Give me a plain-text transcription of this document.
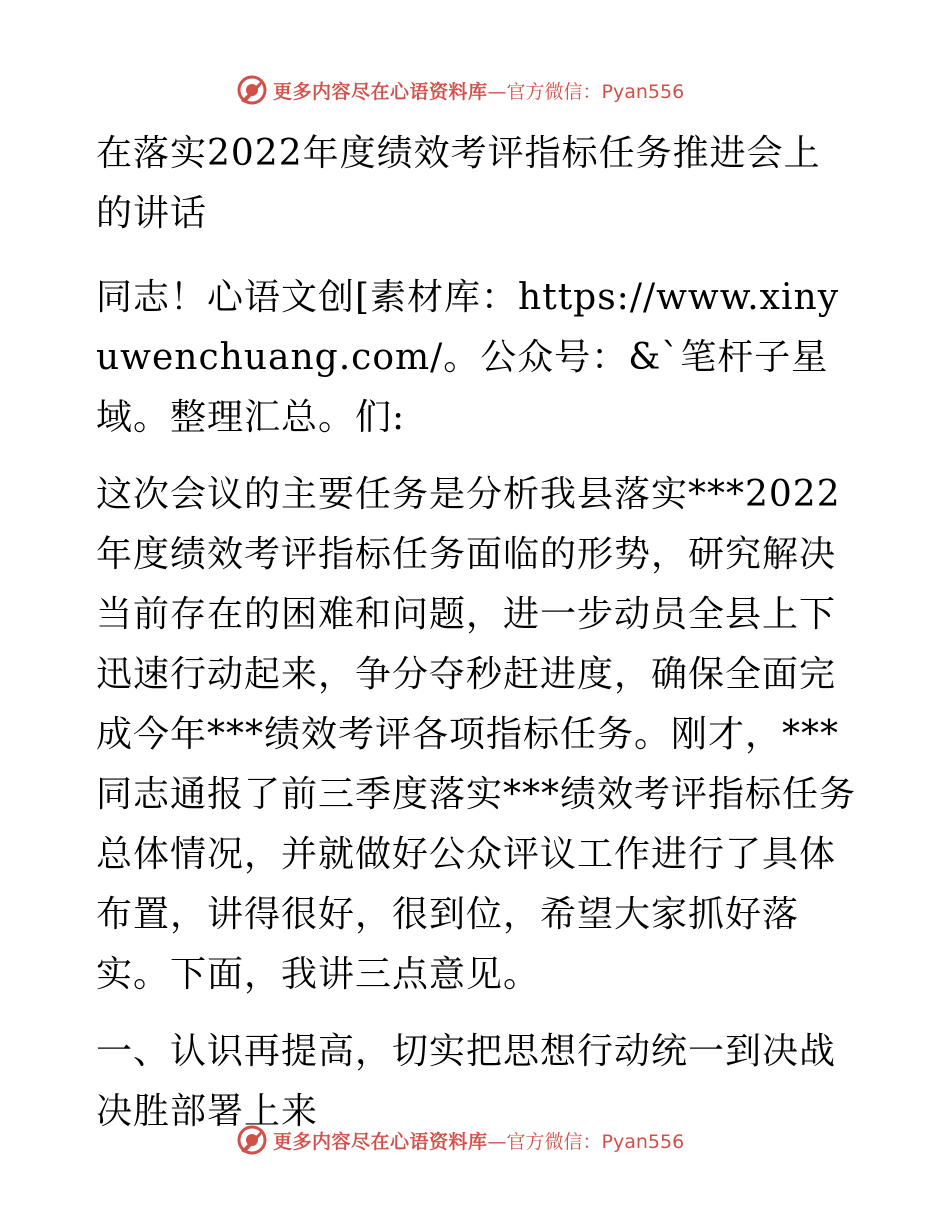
更多内容尽在心语资料库 —官方微信：Pyan556

在落实2022年度绩效考评指标任务推进会上的讲话

同志！心语文创[素材库：https://www.xinyuwenchuang.com/。公众号：&`笔杆子星域。整理汇总。们:

这次会议的主要任务是分析我县落实***2022年度绩效考评指标任务面临的形势，研究解决当前存在的困难和问题，进一步动员全县上下迅速行动起来，争分夺秒赶进度，确保全面完成今年***绩效考评各项指标任务。刚才，***同志通报了前三季度落实***绩效考评指标任务总体情况，并就做好公众评议工作进行了具体布置，讲得很好，很到位，希望大家抓好落实。下面，我讲三点意见。

一、认识再提高，切实把思想行动统一到决战决胜部署上来

更多内容尽在心语资料库 —官方微信：Pyan556
